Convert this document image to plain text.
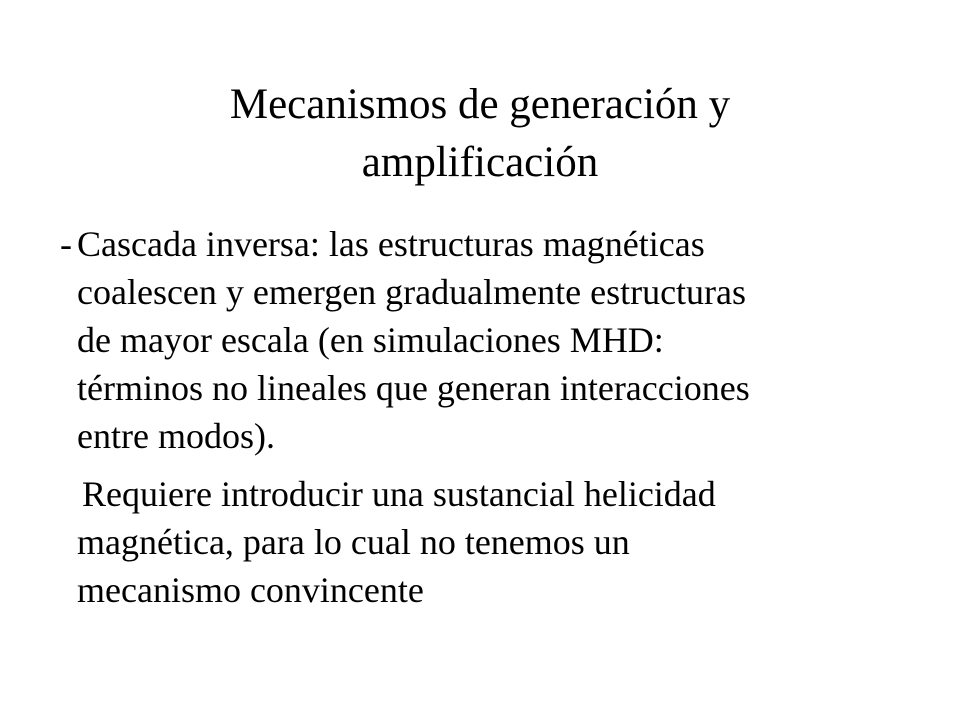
Mecanismos de generación y
amplificación
- Cascada inversa: las estructuras magnéticas
coalescen y emergen gradualmente estructuras
de mayor escala (en simulaciones MHD:
términos no lineales que generan interacciones
entre modos).

Requiere introducir una sustancial helicidad
magnética, para lo cual no tenemos un
mecanismo convincente
